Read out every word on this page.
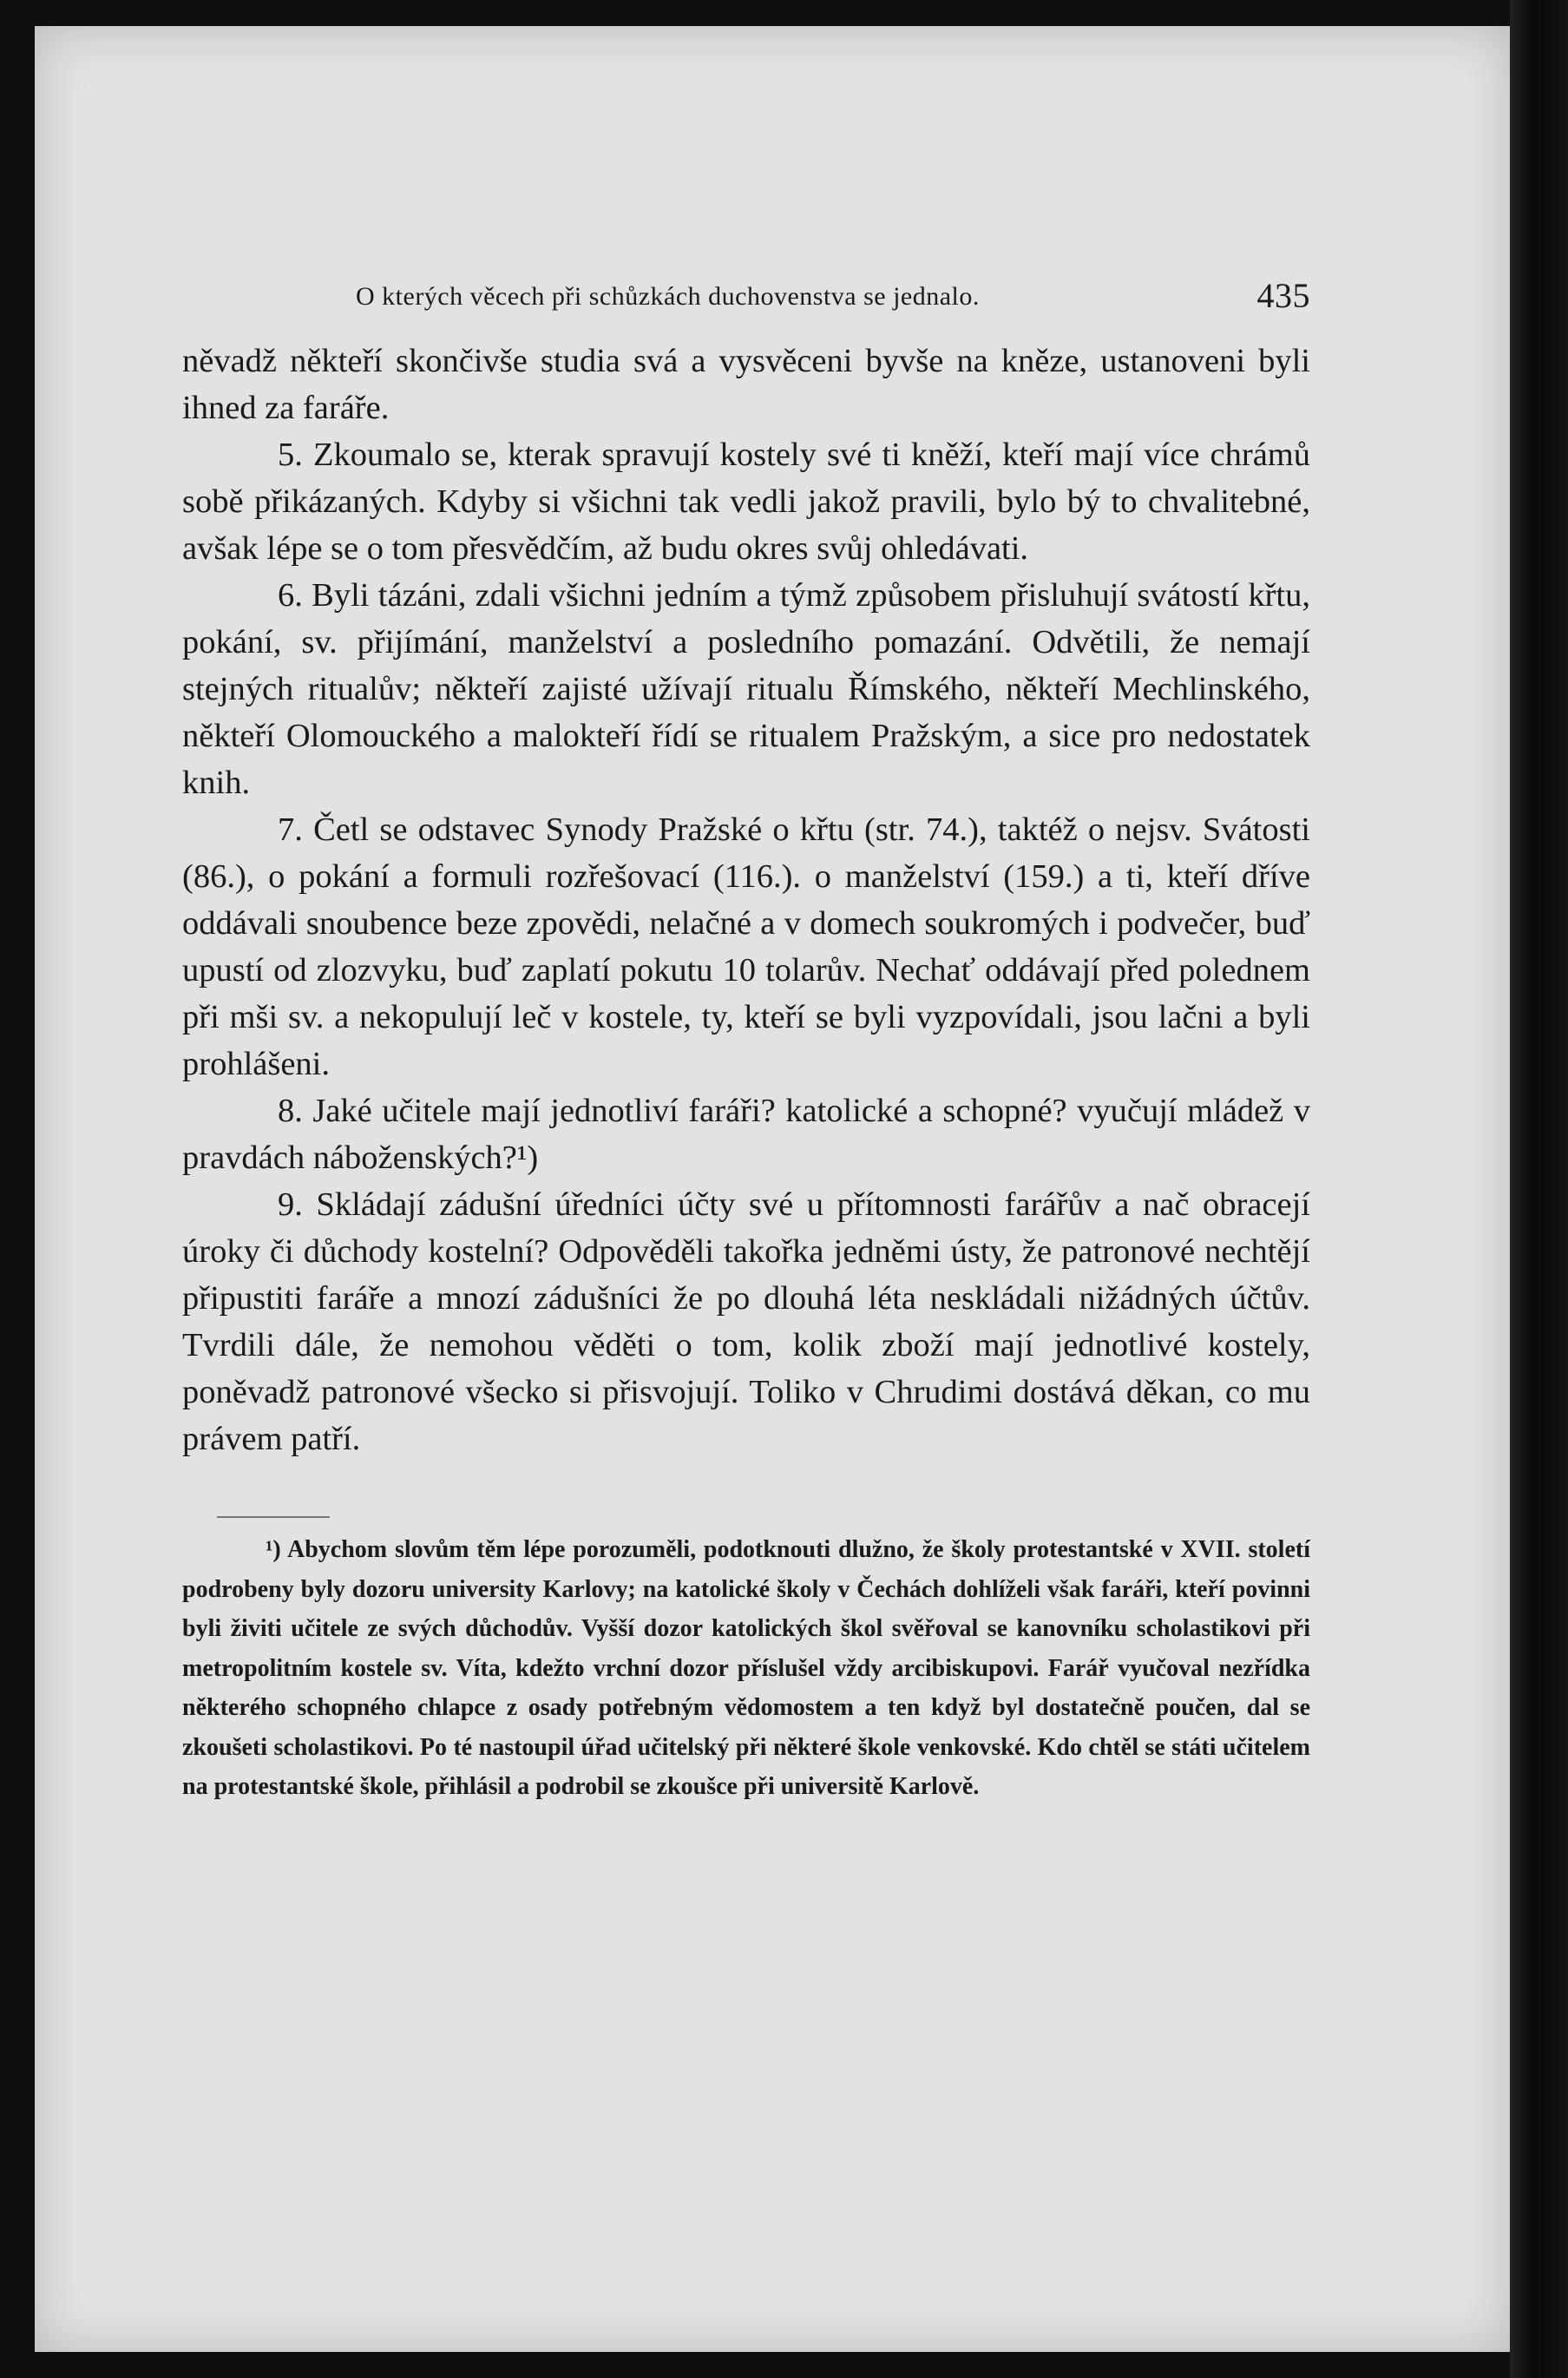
O kterých věcech při schůzkách duchovenstva se jednalo.	435

něvadž někteří skončivše studia svá a vysvěceni byvše na kněze, ustanoveni byli ihned za faráře.

5. Zkoumalo se, kterak spravují kostely své ti kněží, kteří mají více chrámů sobě přikázaných. Kdyby si všichni tak vedli jakož pravili, bylo bý to chvalitebné, avšak lépe se o tom přesvědčím, až budu okres svůj ohledávati.

6. Byli tázáni, zdali všichni jedním a týmž způsobem přisluhují svátostí křtu, pokání, sv. přijímání, manželství a posledního pomazání. Odvětili, že nemají stejných ritualův; někteří zajisté užívají ritualu Římského, někteří Mechlinského, někteří Olomouckého a malokteří řídí se ritualem Pražským, a sice pro nedostatek knih.

7. Četl se odstavec Synody Pražské o křtu (str. 74.), taktéž o nejsv. Svátosti (86.), o pokání a formuli rozřešovací (116.). o manželství (159.) a ti, kteří dříve oddávali snoubence beze zpovědi, nelačné a v domech soukromých i podvečer, buď upustí od zlozvyku, buď zaplatí pokutu 10 tolarův. Nechať oddávají před polednem při mši sv. a nekopulují leč v kostele, ty, kteří se byli vyzpovídali, jsou lačni a byli prohlášeni.

8. Jaké učitele mají jednotliví faráři? katolické a schopné? vyučují mládež v pravdách náboženských?¹)

9. Skládají zádušní úředníci účty své u přítomnosti farářův a nač obracejí úroky či důchody kostelní? Odpověděli takořka jedněmi ústy, že patronové nechtějí připustiti faráře a mnozí zádušníci že po dlouhá léta neskládali nižádných účtův. Tvrdili dále, že nemohou věděti o tom, kolik zboží mají jednotlivé kostely, poněvadž patronové všecko si přisvojují. Toliko v Chrudimi dostává děkan, co mu právem patří.

¹) Abychom slovům těm lépe porozuměli, podotknouti dlužno, že školy protestantské v XVII. století podrobeny byly dozoru university Karlovy; na katolické školy v Čechách dohlíželi však faráři, kteří povinni byli živiti učitele ze svých důchodův. Vyšší dozor katolických škol svěřoval se kanovníku scholastikovi při metropolitním kostele sv. Víta, kdežto vrchní dozor příslušel vždy arcibiskupovi. Farář vyučoval nezřídka některého schopného chlapce z osady potřebným vědomostem a ten když byl dostatečně poučen, dal se zkoušeti scholastikovi. Po té nastoupil úřad učitelský při některé škole venkovské. Kdo chtěl se státi učitelem na protestantské škole, přihlásil a podrobil se zkoušce při universitě Karlově.
